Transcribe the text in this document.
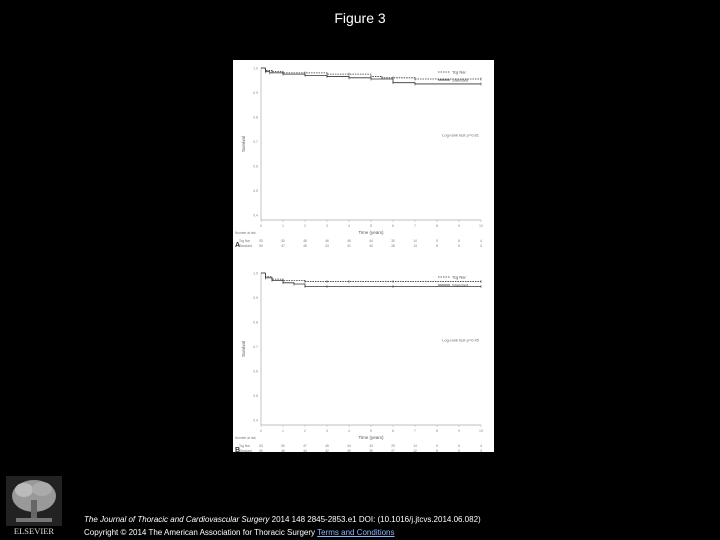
Figure 3
1.0
0.9
0.8
0.7
0.6
0.5
0.4
0	1	2	3	4	5	6	7	8	9	10
Time (years)
Survival
Tcg Nar
Standard
Log-rank test p=0.81
A
Number at risk
Tcg Nar	53	50	48	46	45	44	30	14	9	6	4
Standard 50	47	45	43	41	40	28	13	8	5	3
1.0
0.9
0.8
0.7
0.6
0.5
0.4
0	1	2	3	4	5	6	7	8	9	10
Time (years)
Survival
Tcg Nar
Standard
Log-rank test p=0.45
B
Number at risk
Tcg Nar	53	50	47	45	44	43	29	14	9	6	4
Standard 50	46	44	42	40	39	27	12	8	5	3
ELSEVIER
The Journal of Thoracic and Cardiovascular Surgery 2014 148 2845-2853.e1 DOI: (10.1016/j.jtcvs.2014.06.082)
Copyright © 2014 The American Association for Thoracic Surgery Terms and Conditions
